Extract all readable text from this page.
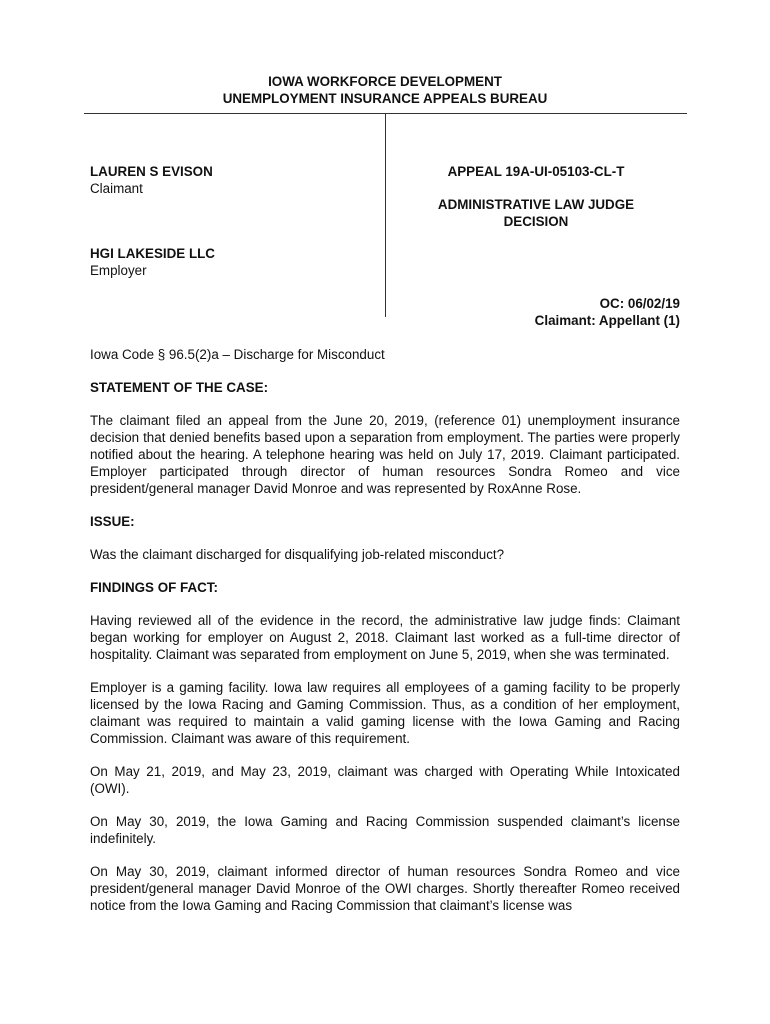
IOWA WORKFORCE DEVELOPMENT
UNEMPLOYMENT INSURANCE APPEALS BUREAU
LAUREN S EVISON
Claimant
HGI LAKESIDE LLC
Employer
APPEAL 19A-UI-05103-CL-T
ADMINISTRATIVE LAW JUDGE
DECISION
OC: 06/02/19
Claimant: Appellant (1)

Iowa Code § 96.5(2)a – Discharge for Misconduct

STATEMENT OF THE CASE:

The claimant filed an appeal from the June 20, 2019, (reference 01) unemployment insurance decision that denied benefits based upon a separation from employment. The parties were properly notified about the hearing. A telephone hearing was held on July 17, 2019. Claimant participated. Employer participated through director of human resources Sondra Romeo and vice president/general manager David Monroe and was represented by RoxAnne Rose.

ISSUE:

Was the claimant discharged for disqualifying job-related misconduct?

FINDINGS OF FACT:

Having reviewed all of the evidence in the record, the administrative law judge finds: Claimant began working for employer on August 2, 2018. Claimant last worked as a full-time director of hospitality. Claimant was separated from employment on June 5, 2019, when she was terminated.

Employer is a gaming facility. Iowa law requires all employees of a gaming facility to be properly licensed by the Iowa Racing and Gaming Commission. Thus, as a condition of her employment, claimant was required to maintain a valid gaming license with the Iowa Gaming and Racing Commission. Claimant was aware of this requirement.

On May 21, 2019, and May 23, 2019, claimant was charged with Operating While Intoxicated (OWI).

On May 30, 2019, the Iowa Gaming and Racing Commission suspended claimant’s license indefinitely.

On May 30, 2019, claimant informed director of human resources Sondra Romeo and vice president/general manager David Monroe of the OWI charges. Shortly thereafter Romeo received notice from the Iowa Gaming and Racing Commission that claimant’s license was
